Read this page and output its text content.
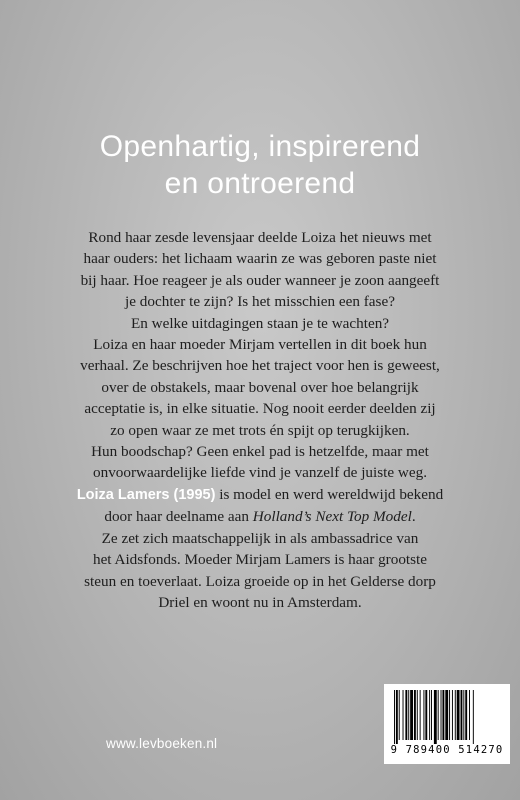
Openhartig, inspirerend
en ontroerend
Rond haar zesde levensjaar deelde Loiza het nieuws met
haar ouders: het lichaam waarin ze was geboren paste niet
bij haar. Hoe reageer je als ouder wanneer je zoon aangeeft
je dochter te zijn? Is het misschien een fase?
En welke uitdagingen staan je te wachten?
Loiza en haar moeder Mirjam vertellen in dit boek hun
verhaal. Ze beschrijven hoe het traject voor hen is geweest,
over de obstakels, maar bovenal over hoe belangrijk
acceptatie is, in elke situatie. Nog nooit eerder deelden zij
zo open waar ze met trots én spijt op terugkijken.
Hun boodschap? Geen enkel pad is hetzelfde, maar met
onvoorwaardelijke liefde vind je vanzelf de juiste weg.
Loiza Lamers (1995) is model en werd wereldwijd bekend
door haar deelname aan Holland’s Next Top Model.
Ze zet zich maatschappelijk in als ambassadrice van
het Aidsfonds. Moeder Mirjam Lamers is haar grootste
steun en toeverlaat. Loiza groeide op in het Gelderse dorp
Driel en woont nu in Amsterdam.
www.levboeken.nl	9 789400 514270
